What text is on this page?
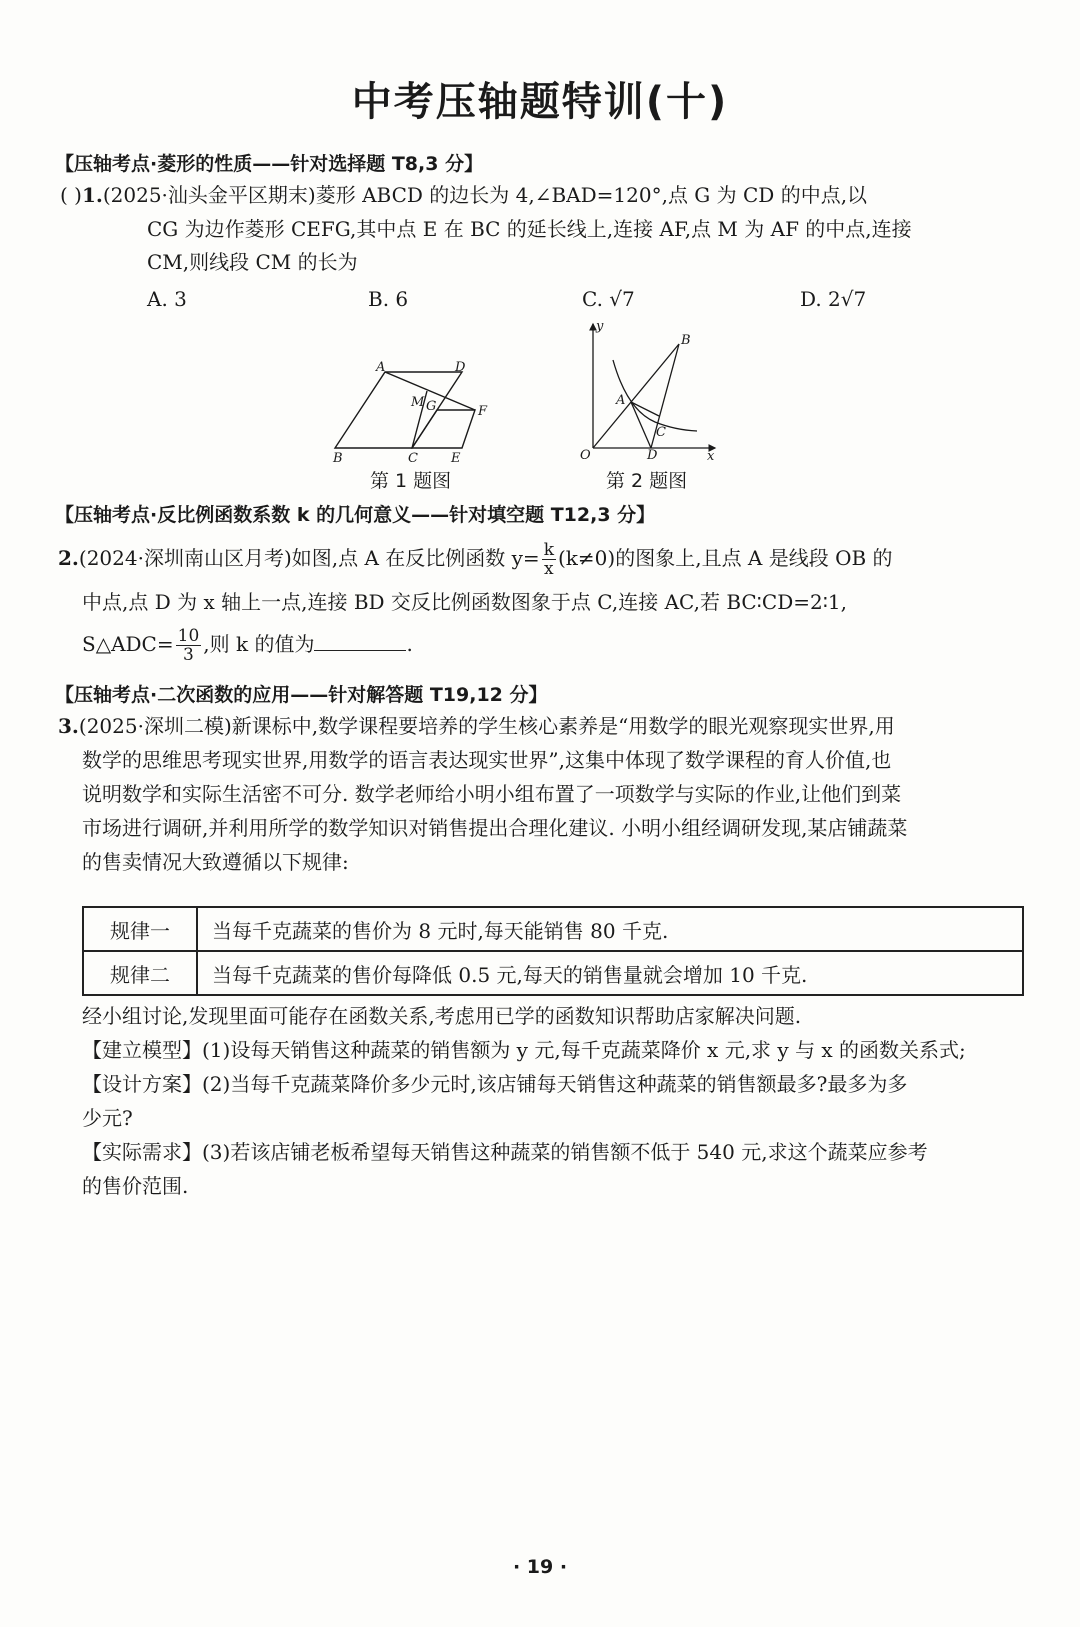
中考压轴题特训(十)
【压轴考点·菱形的性质——针对选择题 T8,3 分】
( )1.(2025·汕头金平区期末)菱形 ABCD 的边长为 4,∠BAD=120°,点 G 为 CD 的中点,以
CG 为边作菱形 CEFG,其中点 E 在 BC 的延长线上,连接 AF,点 M 为 AF 的中点,连接
CM,则线段 CM 的长为
A. 3	B. 6	C. √7	D. 2√7
A	D
M G	F
B	C	E
第 1 题图
y
B
A
C
O	D	x
第 2 题图
【压轴考点·反比例函数系数 k 的几何意义——针对填空题 T12,3 分】
2.(2024·深圳南山区月考)如图,点 A 在反比例函数 $y= \frac{k}{x} (k\ne 0)$的图象上,且点 A 是线段 OB 的
中点,点 D 为 x 轴上一点,连接 BD 交反比例函数图象于点 C,连接 AC,若 BC∶CD=2∶1,
S△ADC= $\frac{10}{3}$ ,则 k 的值为	.
【压轴考点·二次函数的应用——针对解答题 T19,12 分】
3.(2025·深圳二模)新课标中,数学课程要培养的学生核心素养是“用数学的眼光观察现实世界,用
数学的思维思考现实世界,用数学的语言表达现实世界”,这集中体现了数学课程的育人价值,也
说明数学和实际生活密不可分. 数学老师给小明小组布置了一项数学与实际的作业,让他们到菜
市场进行调研,并利用所学的数学知识对销售提出合理化建议. 小明小组经调研发现,某店铺蔬菜
的售卖情况大致遵循以下规律:
规律一	当每千克蔬菜的售价为 8 元时,每天能销售 80 千克.
规律二	当每千克蔬菜的售价每降低 0.5 元,每天的销售量就会增加 10 千克.
经小组讨论,发现里面可能存在函数关系,考虑用已学的函数知识帮助店家解决问题.
【建立模型】(1)设每天销售这种蔬菜的销售额为 y 元,每千克蔬菜降价 x 元,求 y 与 x 的函数关系式;
【设计方案】(2)当每千克蔬菜降价多少元时,该店铺每天销售这种蔬菜的销售额最多?最多为多
少元?
【实际需求】(3)若该店铺老板希望每天销售这种蔬菜的销售额不低于 540 元,求这个蔬菜应参考
的售价范围.
· 19 ·
